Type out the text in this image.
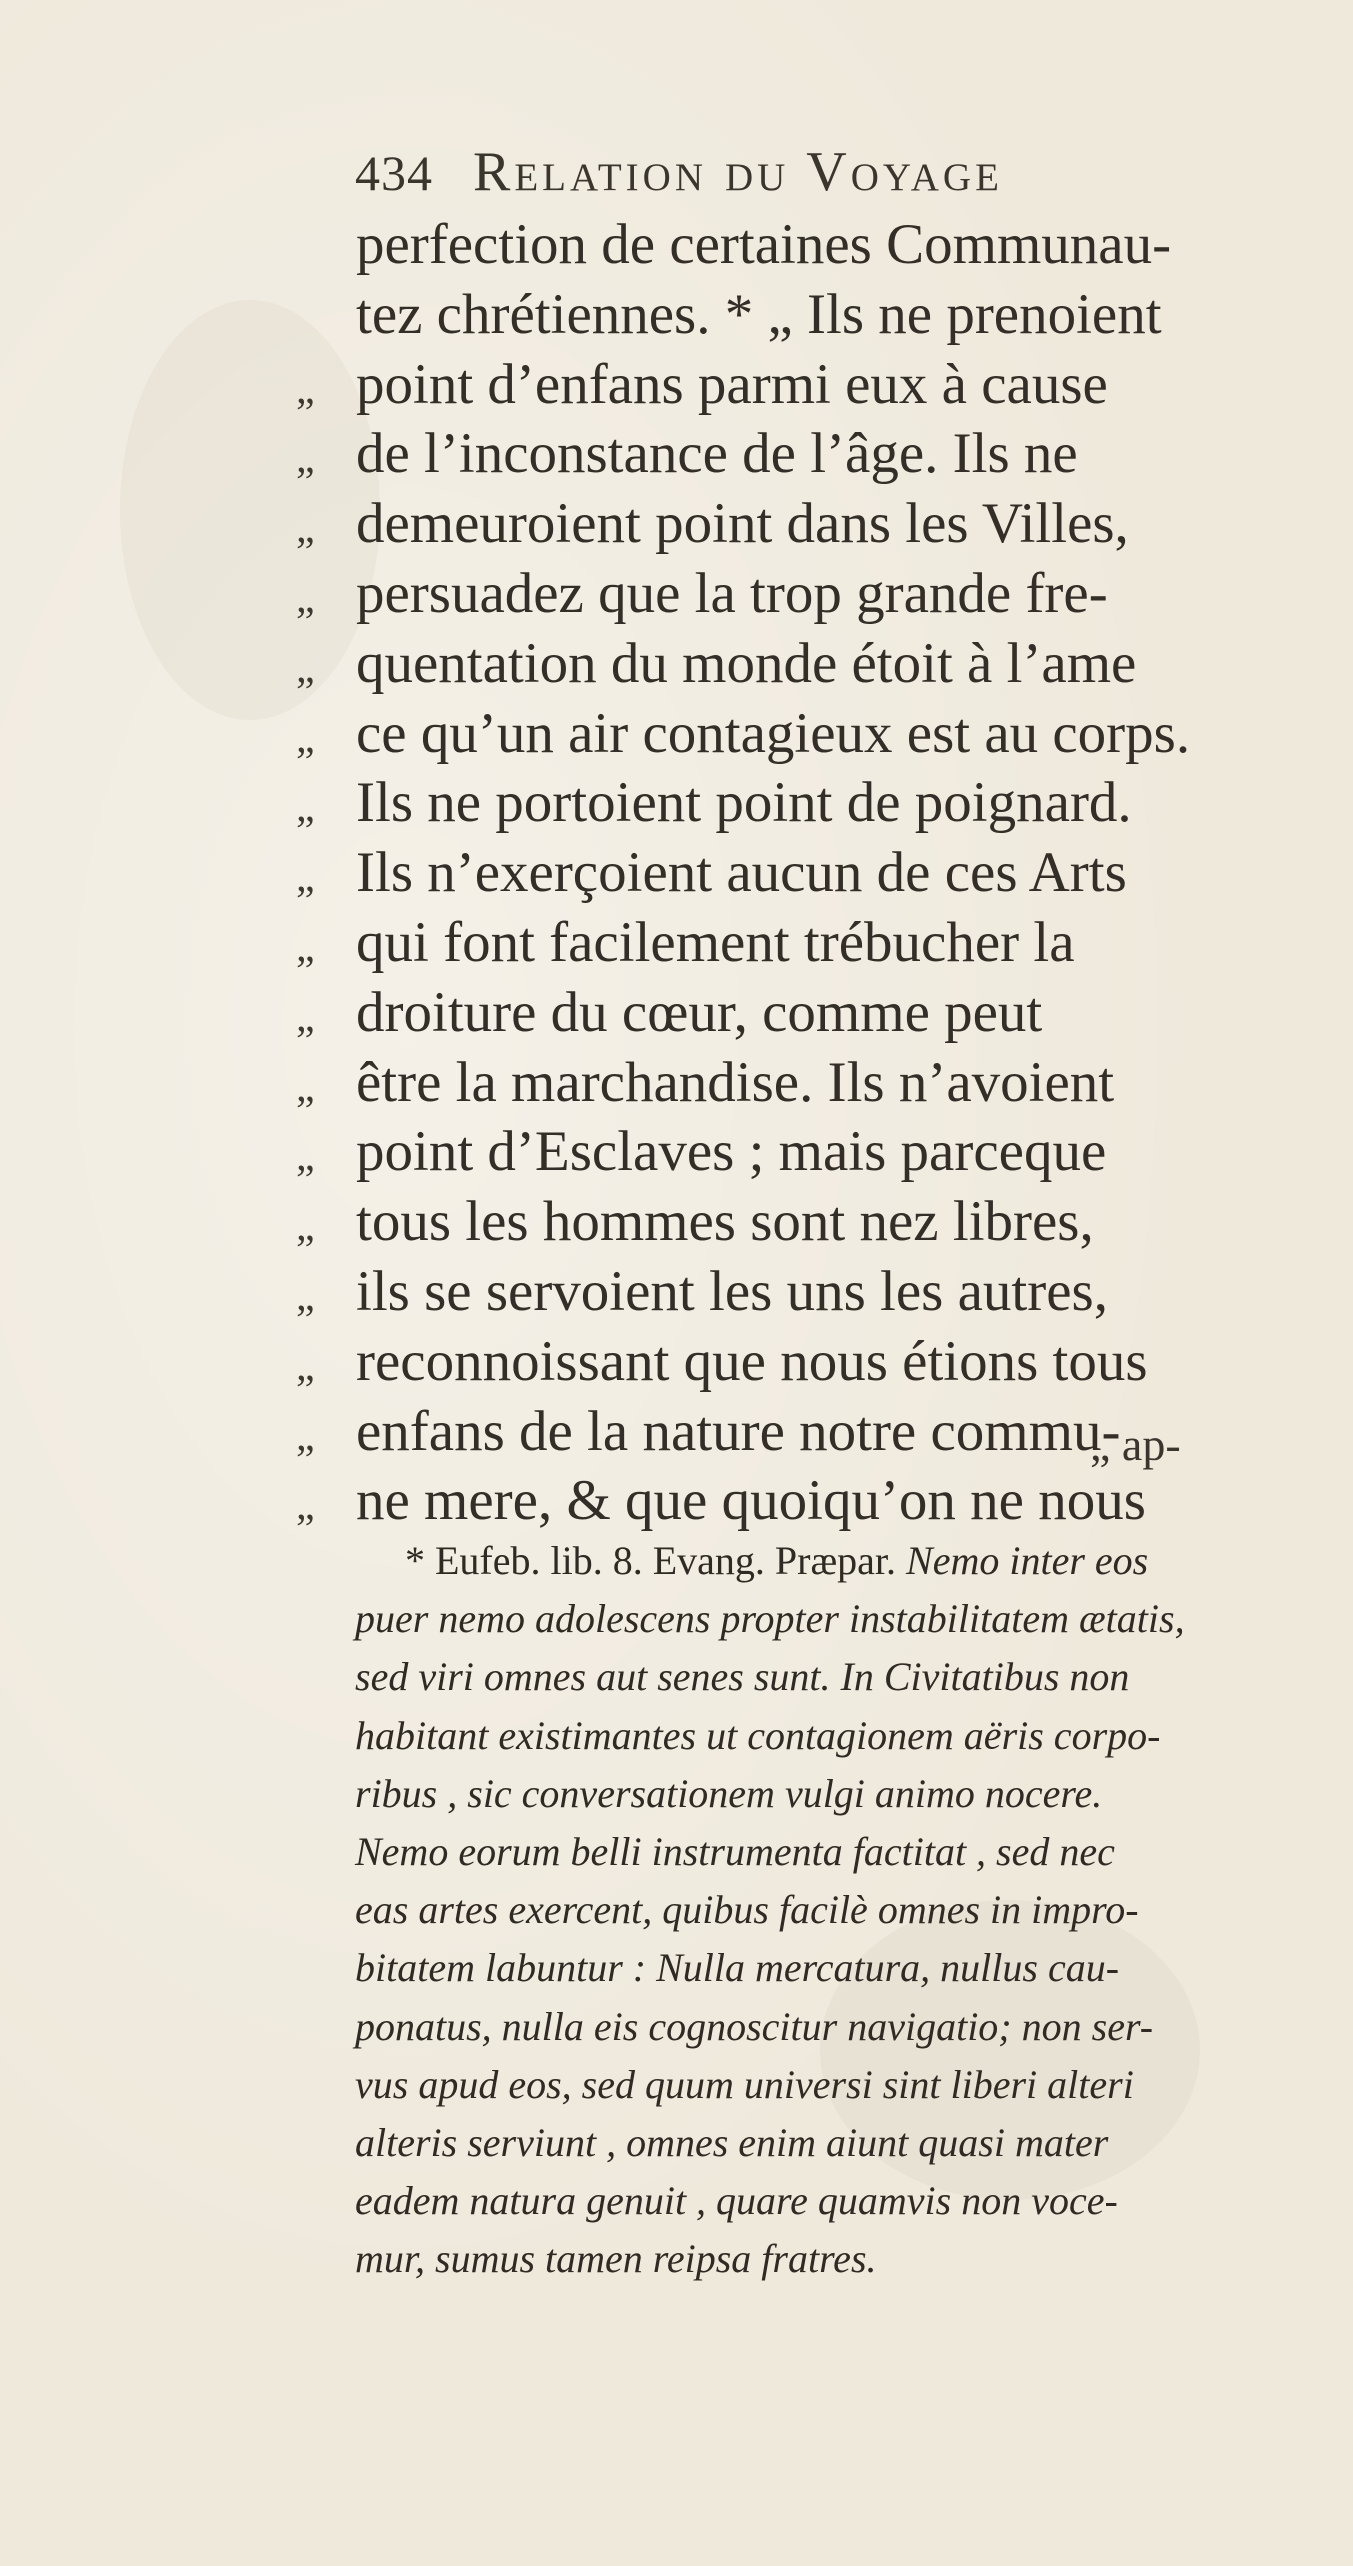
434 Relation du Voyage
perfection de certaines Communau-
tez chrétiennes. * „ Ils ne prenoient
„ point d’enfans parmi eux à cause
„ de l’inconstance de l’âge. Ils ne
„ demeuroient point dans les Villes,
„ persuadez que la trop grande fre-
„ quentation du monde étoit à l’ame
„ ce qu’un air contagieux est au corps.
„ Ils ne portoient point de poignard.
„ Ils n’exerçoient aucun de ces Arts
„ qui font facilement trébucher la
„ droiture du cœur, comme peut
„ être la marchandise. Ils n’avoient
„ point d’Esclaves ; mais parceque
„ tous les hommes sont nez libres,
„ ils se servoient les uns les autres,
„ reconnoissant que nous étions tous
„ enfans de la nature notre commu-
„ ne mere, & que quoiqu’on ne nous
„ ap-
* Eufeb. lib. 8. Evang. Præpar. Nemo inter eos
puer nemo adolescens propter instabilitatem ætatis,
sed viri omnes aut senes sunt. In Civitatibus non
habitant existimantes ut contagionem aëris corpo-
ribus , sic conversationem vulgi animo nocere.
Nemo eorum belli instrumenta factitat , sed nec
eas artes exercent, quibus facilè omnes in impro-
bitatem labuntur : Nulla mercatura, nullus cau-
ponatus, nulla eis cognoscitur navigatio; non ser-
vus apud eos, sed quum universi sint liberi alteri
alteris serviunt , omnes enim aiunt quasi mater
eadem natura genuit , quare quamvis non voce-
mur, sumus tamen reipsa fratres.
